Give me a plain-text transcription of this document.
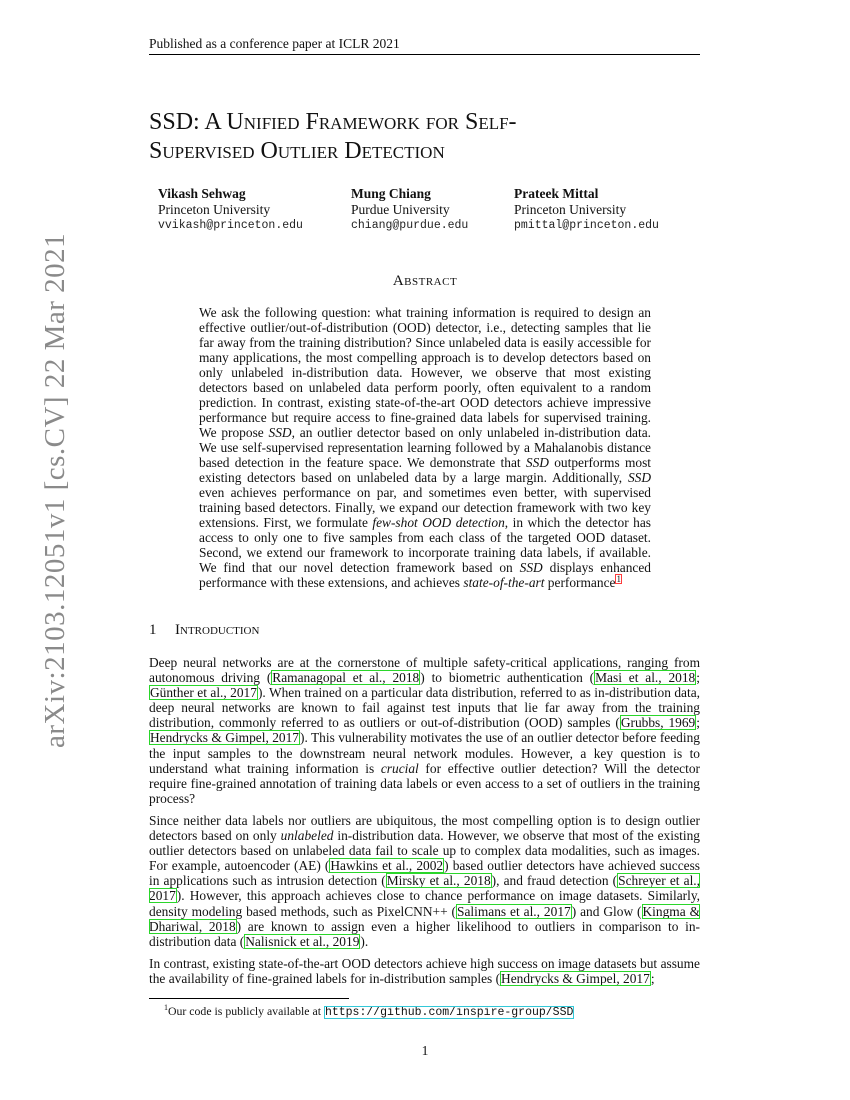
Published as a conference paper at ICLR 2021
arXiv:2103.12051v1 [cs.CV] 22 Mar 2021
SSD: A Unified Framework for Self-
Supervised Outlier Detection
Vikash Sehwag
Princeton University
vvikash@princeton.edu
Mung Chiang
Purdue University
chiang@purdue.edu
Prateek Mittal
Princeton University
pmittal@princeton.edu
Abstract
We ask the following question: what training information is required to design an effective outlier/out-of-distribution (OOD) detector, i.e., detecting samples that lie far away from the training distribution? Since unlabeled data is easily accessible for many applications, the most compelling approach is to develop detectors based on only unlabeled in-distribution data. However, we observe that most existing detectors based on unlabeled data perform poorly, often equivalent to a random prediction. In contrast, existing state-of-the-art OOD detectors achieve impressive performance but require access to fine-grained data labels for supervised training. We propose SSD, an outlier detector based on only unlabeled in-distribution data. We use self-supervised representation learning followed by a Mahalanobis distance based detection in the feature space. We demonstrate that SSD outperforms most existing detectors based on unlabeled data by a large margin. Additionally, SSD even achieves performance on par, and sometimes even better, with supervised training based detectors. Finally, we expand our detection framework with two key extensions. First, we formulate few-shot OOD detection, in which the detector has access to only one to five samples from each class of the targeted OOD dataset. Second, we extend our framework to incorporate training data labels, if available. We find that our novel detection framework based on SSD displays enhanced performance with these extensions, and achieves state-of-the-art performance$^1$
1 Introduction

Deep neural networks are at the cornerstone of multiple safety-critical applications, ranging from autonomous driving (Ramanagopal et al., 2018) to biometric authentication (Masi et al., 2018; Günther et al., 2017). When trained on a particular data distribution, referred to as in-distribution data, deep neural networks are known to fail against test inputs that lie far away from the training distribution, commonly referred to as outliers or out-of-distribution (OOD) samples (Grubbs, 1969; Hendrycks & Gimpel, 2017). This vulnerability motivates the use of an outlier detector before feeding the input samples to the downstream neural network modules. However, a key question is to understand what training information is crucial for effective outlier detection? Will the detector require fine-grained annotation of training data labels or even access to a set of outliers in the training process?

Since neither data labels nor outliers are ubiquitous, the most compelling option is to design outlier detectors based on only unlabeled in-distribution data. However, we observe that most of the existing outlier detectors based on unlabeled data fail to scale up to complex data modalities, such as images. For example, autoencoder (AE) (Hawkins et al., 2002) based outlier detectors have achieved success in applications such as intrusion detection (Mirsky et al., 2018), and fraud detection (Schreyer et al., 2017). However, this approach achieves close to chance performance on image datasets. Similarly, density modeling based methods, such as PixelCNN++ (Salimans et al., 2017) and Glow (Kingma & Dhariwal, 2018) are known to assign even a higher likelihood to outliers in comparison to in-distribution data (Nalisnick et al., 2019).

In contrast, existing state-of-the-art OOD detectors achieve high success on image datasets but assume the availability of fine-grained labels for in-distribution samples (Hendrycks & Gimpel, 2017;

$^1$Our code is publicly available at https://github.com/inspire-group/SSD
1
